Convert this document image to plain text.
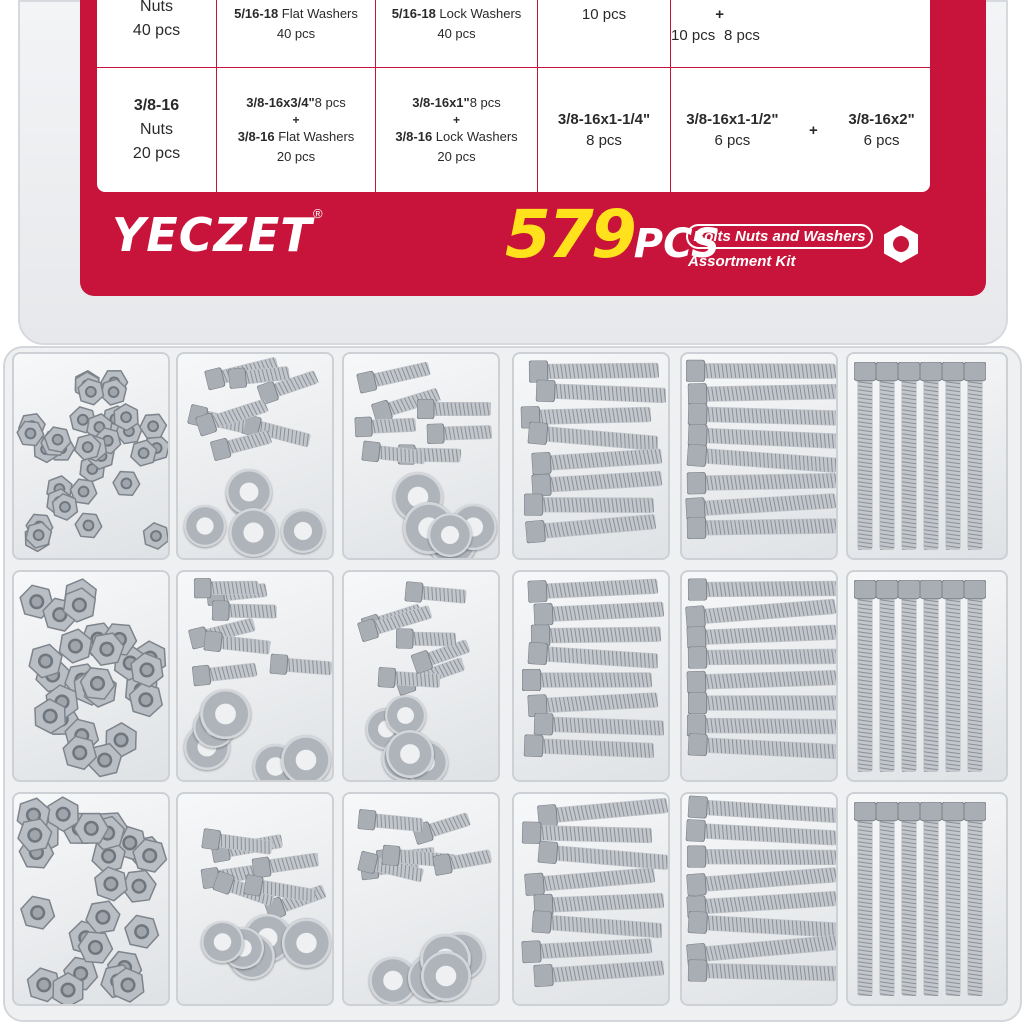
Nuts
40 pcs
5/16-18 Flat Washers
40 pcs
5/16-18 Lock Washers
40 pcs
10 pcs
10 pcs
+
8 pcs
3/8-16
Nuts
20 pcs
3/8-16x3/4"8 pcs
+
3/8-16 Flat Washers
20 pcs
3/8-16x1"8 pcs
+
3/8-16 Lock Washers
20 pcs
3/8-16x1-1/4"
8 pcs
3/8-16x1-1/2"
6 pcs
+
3/8-16x2"
6 pcs
YECZET ®	579PCS
Bolts Nuts and Washers
Assortment Kit
